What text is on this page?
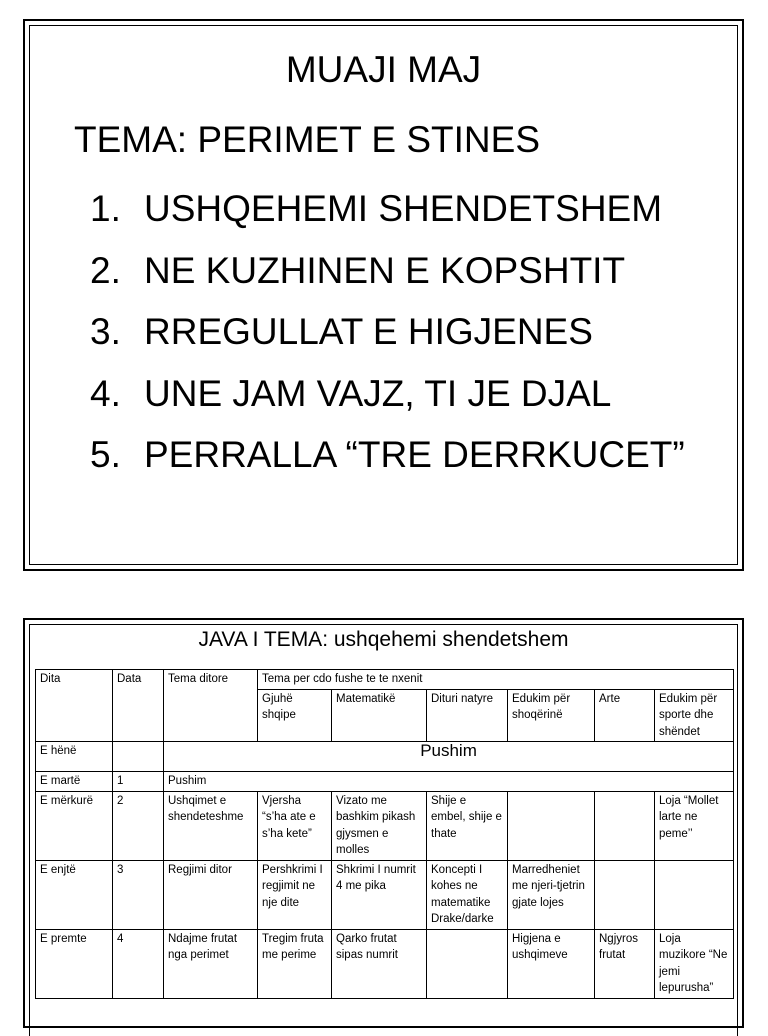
MUAJI MAJ
TEMA: PERIMET E STINES
1. USHQEHEMI SHENDETSHEM
2. NE KUZHINEN E KOPSHTIT
3. RREGULLAT E HIGJENES
4. UNE JAM VAJZ, TI JE DJAL
5. PERRALLA “TRE DERRKUCET”
JAVA I TEMA: ushqehemi shendetshem
Dita	Data	Tema ditore	Tema per cdo fushe te te nxenit					
			Gjuhë shqipe	Matematikë	Dituri natyre	Edukim për shoqërinë	Arte	Edukim për sporte dhe shëndet
E hënë		Pushim						
E martë	1	Pushim						
E mërkurë	2	Ushqimet e shendeteshme	Vjersha “s’ha ate e s’ha kete”	Vizato me bashkim pikash gjysmen e molles	Shije e embel, shije e thate			Loja “Mollet larte ne peme’’
E enjtë	3	Regjimi ditor	Pershkrimi I regjimit ne nje dite	Shkrimi I numrit 4 me pika	Koncepti I kohes ne matematike Drake/darke	Marredheniet me njeri-tjetrin gjate lojes		
E premte	4	Ndajme frutat nga perimet	Tregim fruta me perime	Qarko frutat sipas numrit		Higjena e ushqimeve	Ngjyros frutat	Loja muzikore “Ne jemi lepurusha”
